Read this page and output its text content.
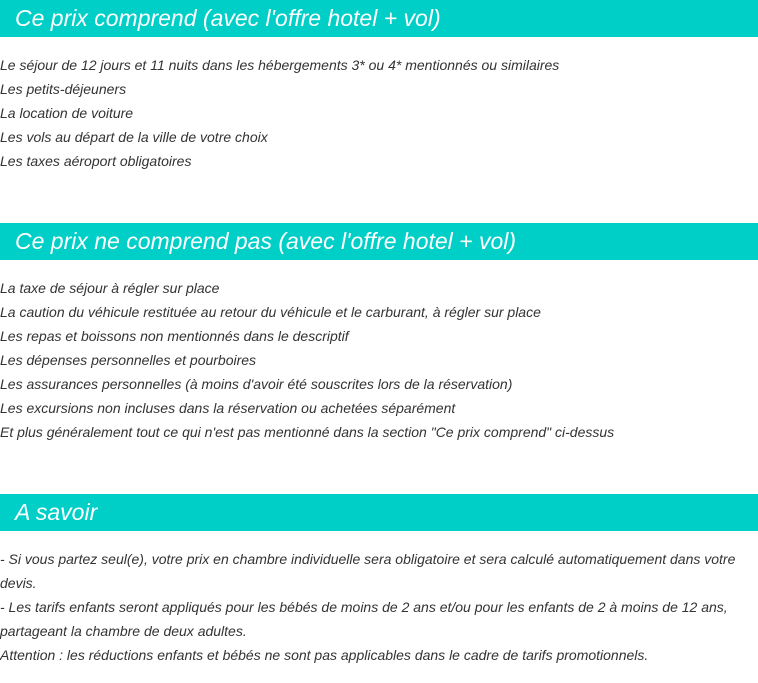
Ce prix comprend (avec l'offre hotel + vol)
Le séjour de 12 jours et 11 nuits dans les hébergements 3* ou 4* mentionnés ou similaires
Les petits-déjeuners
La location de voiture
Les vols au départ de la ville de votre choix
Les taxes aéroport obligatoires
Ce prix ne comprend pas (avec l'offre hotel + vol)
La taxe de séjour à régler sur place
La caution du véhicule restituée au retour du véhicule et le carburant, à régler sur place
Les repas et boissons non mentionnés dans le descriptif
Les dépenses personnelles et pourboires
Les assurances personnelles (à moins d'avoir été souscrites lors de la réservation)
Les excursions non incluses dans la réservation ou achetées séparément
Et plus généralement tout ce qui n'est pas mentionné dans la section "Ce prix comprend" ci-dessus
A savoir

- Si vous partez seul(e), votre prix en chambre individuelle sera obligatoire et sera calculé automatiquement dans votre devis.

- Les tarifs enfants seront appliqués pour les bébés de moins de 2 ans et/ou pour les enfants de 2 à moins de 12 ans, partageant la chambre de deux adultes.

Attention : les réductions enfants et bébés ne sont pas applicables dans le cadre de tarifs promotionnels.
